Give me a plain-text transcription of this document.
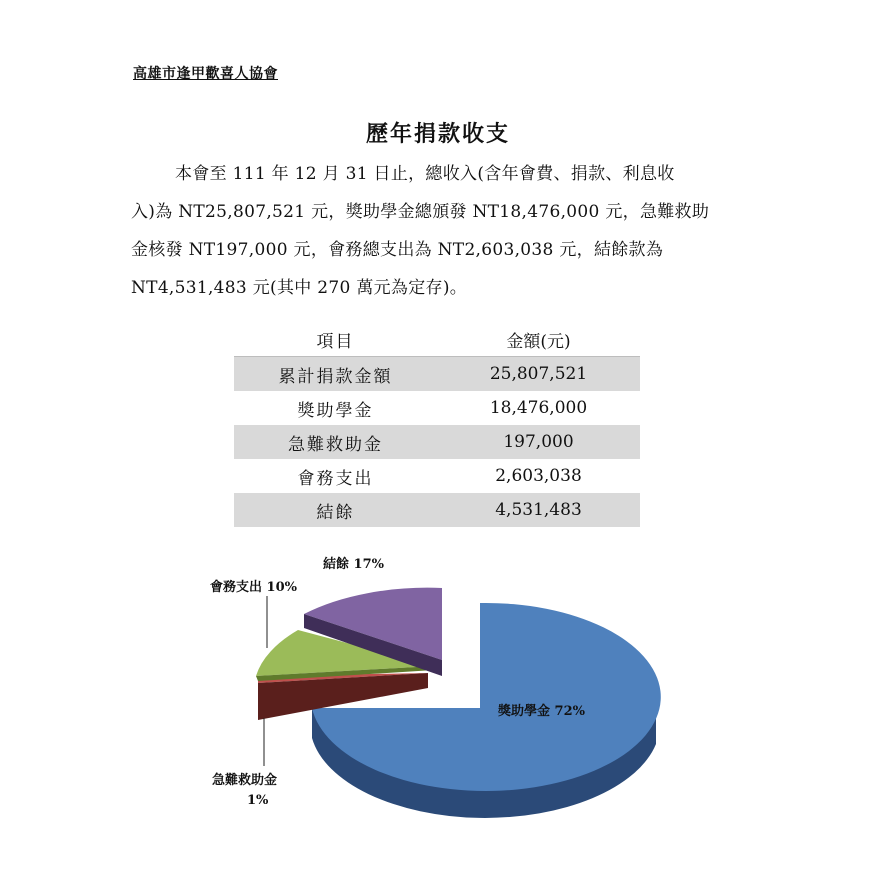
高雄市逢甲歡喜人協會
歷年捐款收支
本會至 111 年 12 月 31 日止，總收入(含年會費、捐款、利息收
入)為 NT25,807,521 元，獎助學金總頒發 NT18,476,000 元，急難救助
金核發 NT197,000 元，會務總支出為 NT2,603,038 元，結餘款為
NT4,531,483 元(其中 270 萬元為定存)。
項目	金額(元)
累計捐款金額	25,807,521
獎助學金	18,476,000
急難救助金	197,000
會務支出	2,603,038
結餘	4,531,483
結餘 17%
會務支出 10%
獎助學金 72%
急難救助金
1%
